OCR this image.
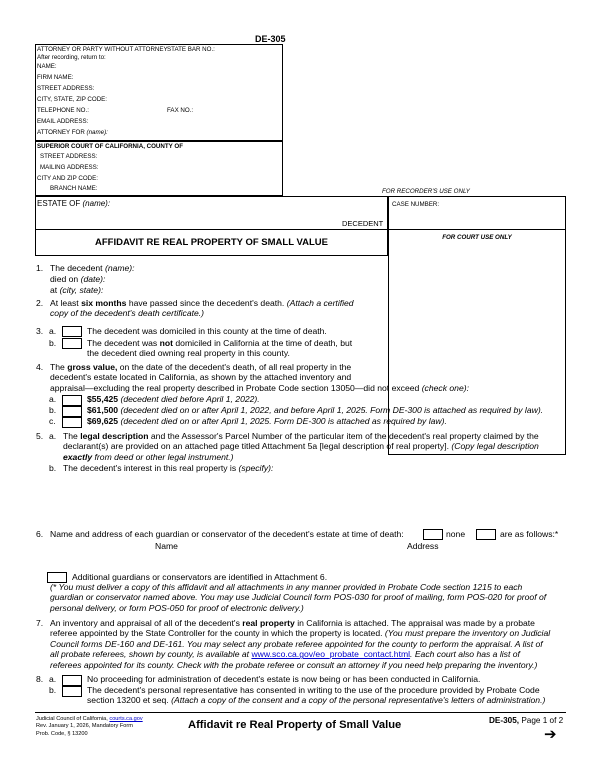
DE-305
ATTORNEY OR PARTY WITHOUT ATTORNEY STATE BAR NO.:
After recording, return to:
NAME:
FIRM NAME:
STREET ADDRESS:
CITY, STATE, ZIP CODE:
TELEPHONE NO.:	FAX NO.:
EMAIL ADDRESS:
ATTORNEY FOR (name):
SUPERIOR COURT OF CALIFORNIA, COUNTY OF
STREET ADDRESS:
MAILING ADDRESS:
CITY AND ZIP CODE:
BRANCH NAME:	FOR RECORDER'S USE ONLY
ESTATE OF (name):
DECEDENT
CASE NUMBER:
AFFIDAVIT RE REAL PROPERTY OF SMALL VALUE	FOR COURT USE ONLY
1. The decedent (name):
died on (date):
at (city, state):
2. At least six months have passed since the decedent's death. (Attach a certified
copy of the decedent's death certificate.)
3. a.	The decedent was domiciled in this county at the time of death.
b.	The decedent was not domiciled in California at the time of death, but
the decedent died owning real property in this county.
4. The gross value, on the date of the decedent's death, of all real property in the
decedent's estate located in California, as shown by the attached inventory and
appraisal—excluding the real property described in Probate Code section 13050—did not exceed (check one):
a.	$55,425 (decedent died before April 1, 2022).
b.	$61,500 (decedent died on or after April 1, 2022, and before April 1, 2025. Form DE-300 is attached as required by law).
c.	$69,625 (decedent died on or after April 1, 2025. Form DE-300 is attached as required by law).
5. a. The legal description and the Assessor's Parcel Number of the particular item of the decedent's real property claimed by the
declarant(s) are provided on an attached page titled Attachment 5a [legal description of real property]. (Copy legal description
exactly from deed or other legal instrument.)
b. The decedent's interest in this real property is (specify):
6. Name and address of each guardian or conservator of the decedent's estate at time of death:	none	are as follows:*
Name	Address
Additional guardians or conservators are identified in Attachment 6.
(* You must deliver a copy of this affidavit and all attachments in any manner provided in Probate Code section 1215 to each
guardian or conservator named above. You may use Judicial Council form POS-030 for proof of mailing, form POS-020 for proof of
personal delivery, or form POS-050 for proof of electronic delivery.)
7. An inventory and appraisal of all of the decedent's real property in California is attached. The appraisal was made by a probate
referee appointed by the State Controller for the county in which the property is located. (You must prepare the inventory on Judicial
Council forms DE-160 and DE-161. You may select any probate referee appointed for the county to perform the appraisal. A list of
all probate referees, shown by county, is available at www.sco.ca.gov/eo_probate_contact.html. Each court also has a list of
referees appointed for its county. Check with the probate referee or consult an attorney if you need help preparing the inventory.)
8. a.	No proceeding for administration of decedent's estate is now being or has been conducted in California.
b.	The decedent's personal representative has consented in writing to the use of the procedure provided by Probate Code
section 13200 et seq. (Attach a copy of the consent and a copy of the personal representative's letters of administration.)
Judicial Council of California, courts.ca.gov
Rev. January 1, 2026, Mandatory Form
Prob. Code, § 13200
Affidavit re Real Property of Small Value	DE-305, Page 1 of 2
➔
